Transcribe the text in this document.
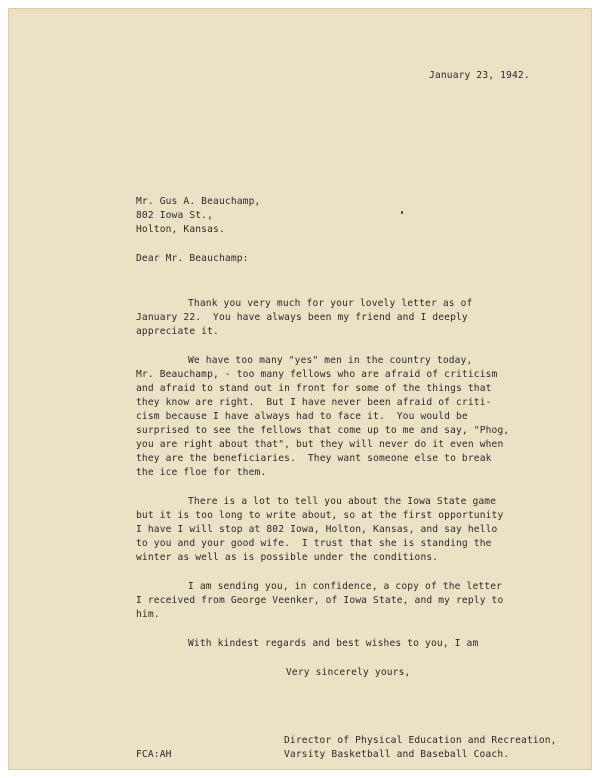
January 23, 1942.
Mr. Gus A. Beauchamp,
802 Iowa St.,
Holton, Kansas.
Dear Mr. Beauchamp:
Thank you very much for your lovely letter as of
January 22.  You have always been my friend and I deeply
appreciate it.
We have too many "yes" men in the country today,
Mr. Beauchamp, - too many fellows who are afraid of criticism
and afraid to stand out in front for some of the things that
they know are right.  But I have never been afraid of criti-
cism because I have always had to face it.  You would be
surprised to see the fellows that come up to me and say, "Phog,
you are right about that", but they will never do it even when
they are the beneficiaries.  They want someone else to break
the ice floe for them.
There is a lot to tell you about the Iowa State game
but it is too long to write about, so at the first opportunity
I have I will stop at 802 Iowa, Holton, Kansas, and say hello
to you and your good wife.  I trust that she is standing the
winter as well as is possible under the conditions.
I am sending you, in confidence, a copy of the letter
I received from George Veenker, of Iowa State, and my reply to
him.
With kindest regards and best wishes to you, I am
Very sincerely yours,
FCA:AH
Director of Physical Education and Recreation,
Varsity Basketball and Baseball Coach.
